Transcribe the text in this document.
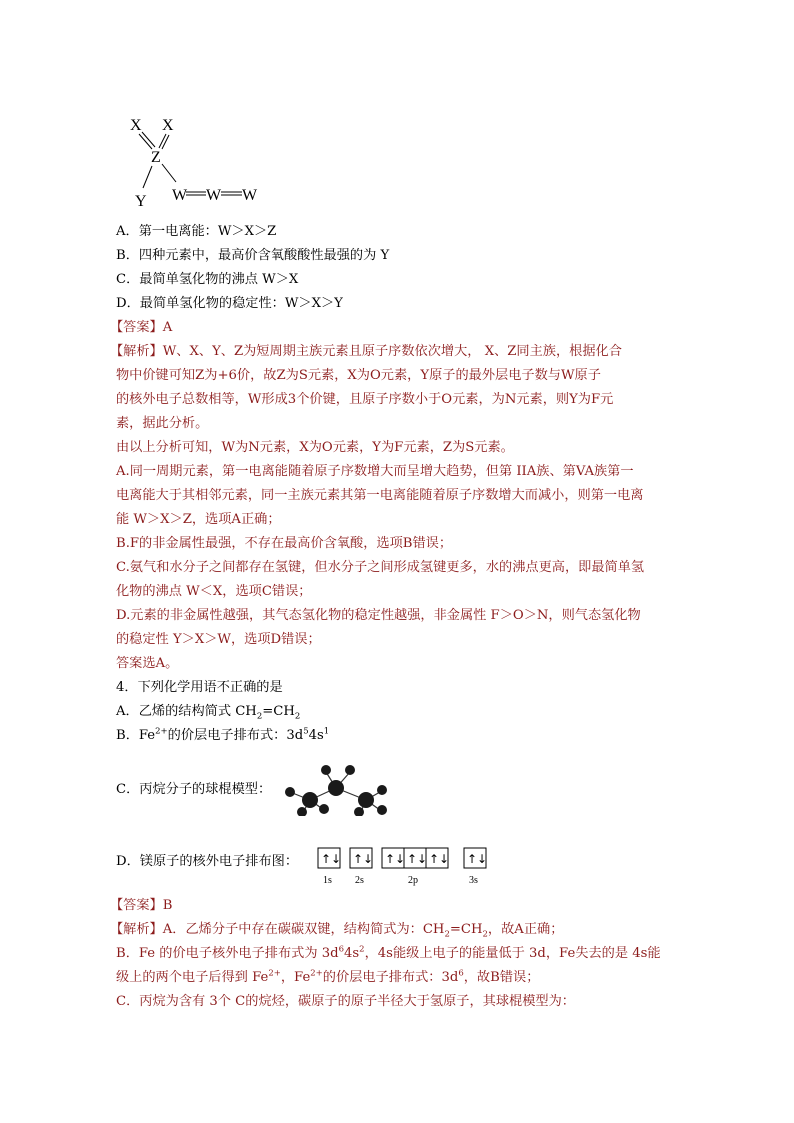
X X
Z
Y W W W
A．第一电离能：W＞X＞Z
B．四种元素中，最高价含氧酸酸性最强的为 Y
C．最简单氢化物的沸点 W＞X
D．最简单氢化物的稳定性：W＞X＞Y
【答案】A
【解析】W、X、Y、Z为短周期主族元素且原子序数依次增大， X、Z同主族，根据化合
物中价键可知Z为+6价，故Z为S元素，X为O元素，Y原子的最外层电子数与W原子
的核外电子总数相等，W形成3个价键，且原子序数小于O元素，为N元素，则Y为F元
素，据此分析。
由以上分析可知，W为N元素，X为O元素，Y为F元素，Z为S元素。
A.同一周期元素，第一电离能随着原子序数增大而呈增大趋势，但第 IIA族、第VA族第一
电离能大于其相邻元素，同一主族元素其第一电离能随着原子序数增大而减小，则第一电离
能 W＞X＞Z，选项A正确；
B.F的非金属性最强，不存在最高价含氧酸，选项B错误；
C.氨气和水分子之间都存在氢键，但水分子之间形成氢键更多，水的沸点更高，即最简单氢
化物的沸点 W＜X，选项C错误；
D.元素的非金属性越强，其气态氢化物的稳定性越强，非金属性 F＞O＞N，则气态氢化物
的稳定性 Y＞X＞W，选项D错误；
答案选A。
4．下列化学用语不正确的是
A．乙烯的结构简式 $CH_2=CH_2$
B．$Fe^{2+}$的价层电子排布式：$3d^54s^1$
C．丙烷分子的球棍模型：
D．镁原子的核外电子排布图： ↑↓ ↑↓ ↑↓ ↑↓ ↑↓ ↑↓
1s 2s	2p	3s
【答案】B
【解析】A．乙烯分子中存在碳碳双键，结构简式为：$CH_2=CH_2$，故A正确；
B．Fe 的价电子核外电子排布式为 $3d^64s^2$，4s能级上电子的能量低于 3d，Fe失去的是 4s能
级上的两个电子后得到 $Fe^{2+}$，$Fe^{2+}$的价层电子排布式：$3d^6$，故B错误；
C．丙烷为含有 3个 C的烷烃，碳原子的原子半径大于氢原子，其球棍模型为：
